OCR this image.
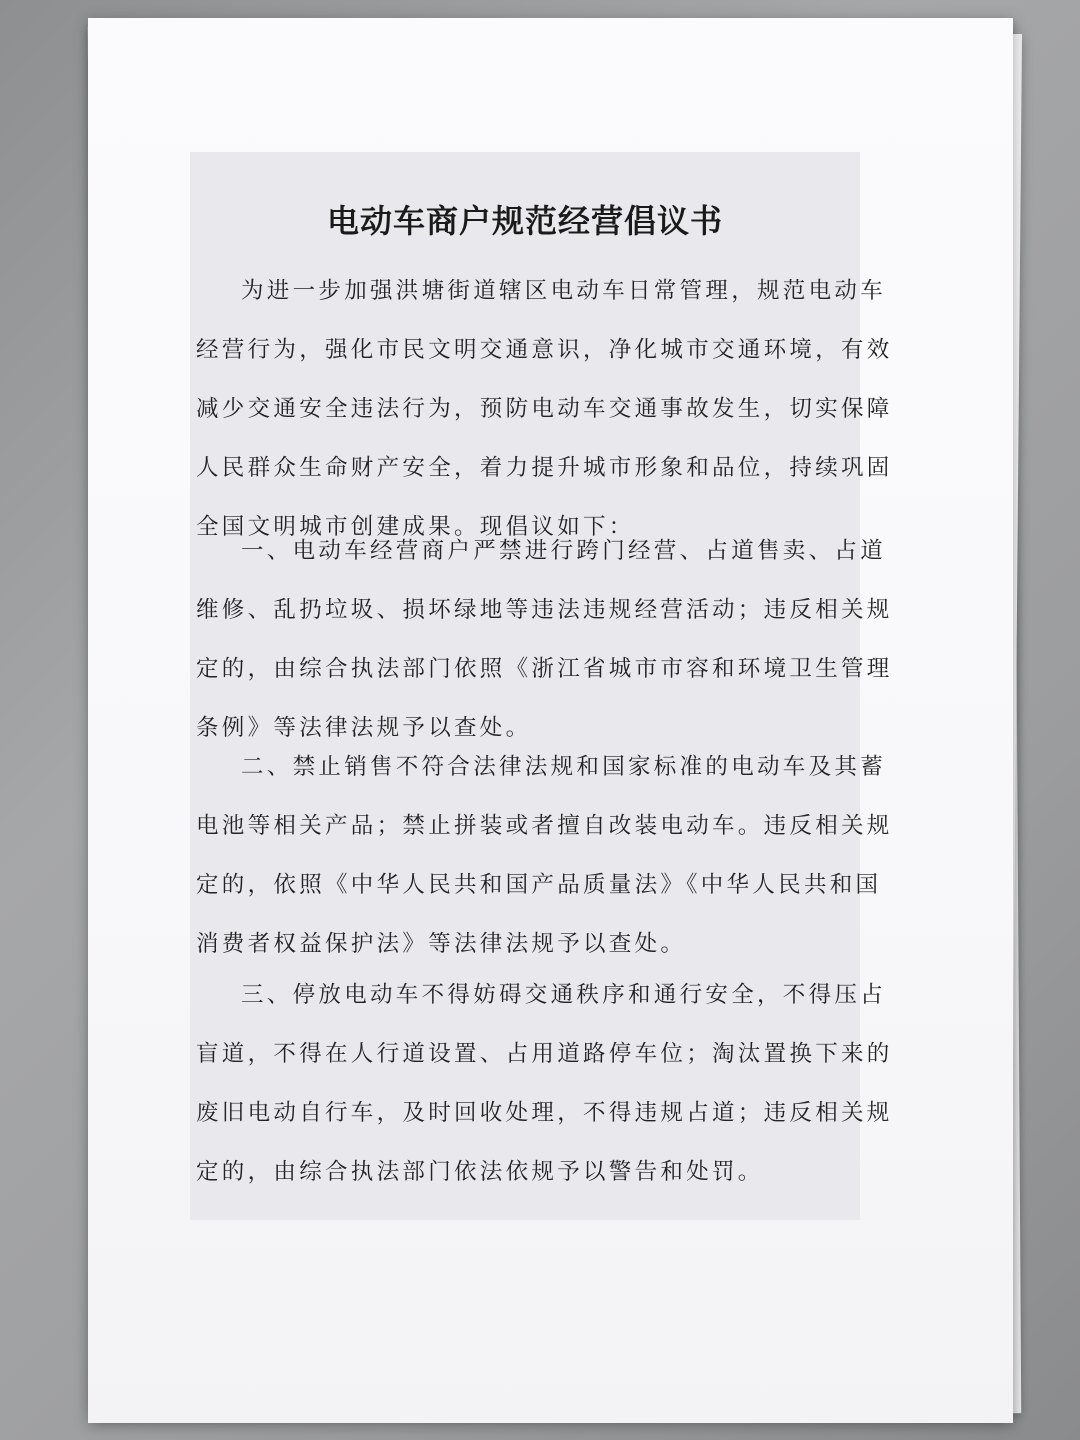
电动车商户规范经营倡议书

为进一步加强洪塘街道辖区电动车日常管理，规范电动车经营行为，强化市民文明交通意识，净化城市交通环境，有效减少交通安全违法行为，预防电动车交通事故发生，切实保障人民群众生命财产安全，着力提升城市形象和品位，持续巩固全国文明城市创建成果。现倡议如下：

一、电动车经营商户严禁进行跨门经营、占道售卖、占道维修、乱扔垃圾、损坏绿地等违法违规经营活动；违反相关规定的，由综合执法部门依照《浙江省城市市容和环境卫生管理条例》等法律法规予以查处。

二、禁止销售不符合法律法规和国家标准的电动车及其蓄电池等相关产品；禁止拼装或者擅自改装电动车。违反相关规定的，依照《中华人民共和国产品质量法》《中华人民共和国消费者权益保护法》等法律法规予以查处。

三、停放电动车不得妨碍交通秩序和通行安全，不得压占盲道，不得在人行道设置、占用道路停车位；淘汰置换下来的废旧电动自行车，及时回收处理，不得违规占道；违反相关规定的，由综合执法部门依法依规予以警告和处罚。
